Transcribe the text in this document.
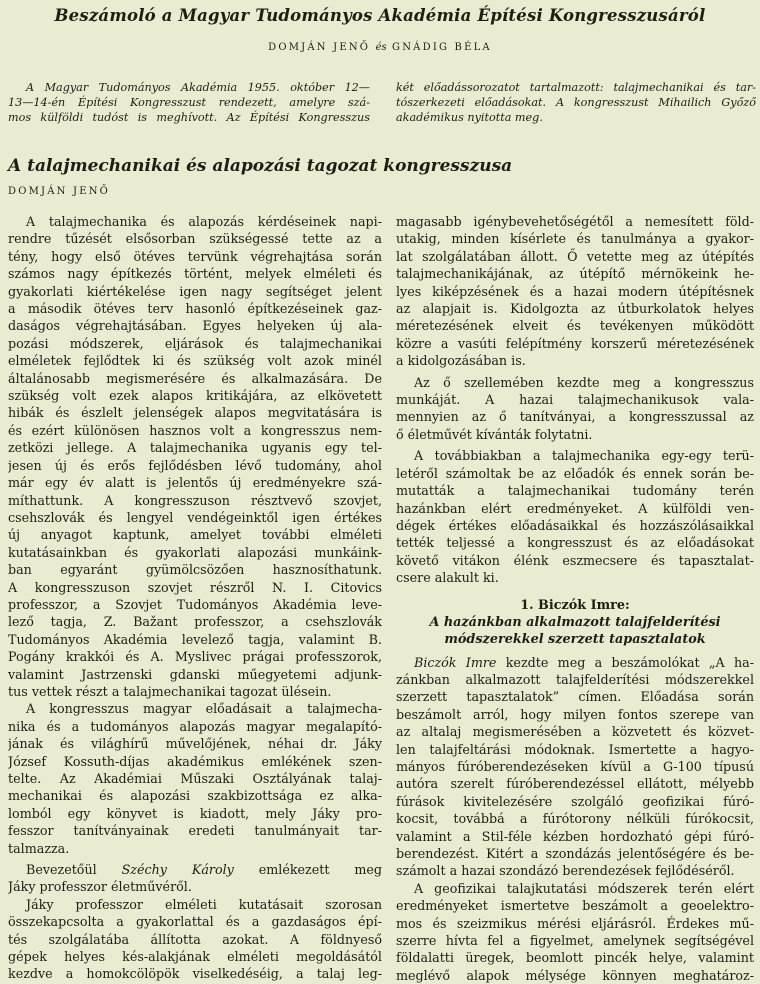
Beszámoló a Magyar Tudományos Akadémia Építési Kongresszusáról
DOMJÁN JENŐ és GNÁDIG BÉLA
A Magyar Tudományos Akadémia 1955. október 12—
13—14-én Építési Kongresszust rendezett, amelyre szá-
mos külföldi tudóst is meghívott. Az Építési Kongresszus
két előadássorozatot tartalmazott: talajmechanikai és tar-
tószerkezeti előadásokat. A kongresszust Mihailich Győző
akadémikus nyitotta meg.
A talajmechanikai és alapozási tagozat kongresszusa
DOMJÁN JENŐ
A talajmechanika és alapozás kérdéseinek napi-
rendre tűzését elsősorban szükségessé tette az a
tény, hogy első ötéves tervünk végrehajtása során
számos nagy építkezés történt, melyek elméleti és
gyakorlati kiértékelése igen nagy segítséget jelent
a második ötéves terv hasonló építkezéseinek gaz-
daságos végrehajtásában. Egyes helyeken új ala-
pozási módszerek, eljárások és talajmechanikai
elméletek fejlődtek ki és szükség volt azok minél
általánosabb megismerésére és alkalmazására. De
szükség volt ezek alapos kritikájára, az elkövetett
hibák és észlelt jelenségek alapos megvitatására is
és ezért különösen hasznos volt a kongresszus nem-
zetközi jellege. A talajmechanika ugyanis egy tel-
jesen új és erős fejlődésben lévő tudomány, ahol
már egy év alatt is jelentős új eredményekre szá-
míthattunk. A kongresszuson résztvevő szovjet,
csehszlovák és lengyel vendégeinktől igen értékes
új anyagot kaptunk, amelyet további elméleti
kutatásainkban és gyakorlati alapozási munkáink-
ban egyaránt gyümölcsözően hasznosíthatunk.
A kongresszuson szovjet részről N. I. Citovics
professzor, a Szovjet Tudományos Akadémia leve-
lező tagja, Z. Bažant professzor, a csehszlovák
Tudományos Akadémia levelező tagja, valamint B.
Pogány krakkói és A. Myslivec prágai professzorok,
valamint Jastrzenski gdanski műegyetemi adjunk-
tus vettek részt a talajmechanikai tagozat ülésein.
A kongresszus magyar előadásait a talajmecha-
nika és a tudományos alapozás magyar megalapító-
jának és világhírű művelőjének, néhai dr. Jáky
József Kossuth-díjas akadémikus emlékének szen-
telte. Az Akadémiai Műszaki Osztályának talaj-
mechanikai és alapozási szakbizottsága ez alka-
lomból egy könyvet is kiadott, mely Jáky pro-
fesszor tanítványainak eredeti tanulmányait tar-
talmazza.
Bevezetőül Széchy Károly emlékezett meg
Jáky professzor életművéről.
Jáky professzor elméleti kutatásait szorosan
összekapcsolta a gyakorlattal és a gazdaságos épí-
tés szolgálatába állította azokat. A földnyeső
gépek helyes kés-alakjának elméleti megoldásától
kezdve a homokcölöpök viselkedéséig, a talaj leg-
magasabb igénybevehetőségétől a nemesített föld-
utakig, minden kísérlete és tanulmánya a gyakor-
lat szolgálatában állott. Ő vetette meg az útépítés
talajmechanikájának, az útépítő mérnökeink he-
lyes kiképzésének és a hazai modern útépítésnek
az alapjait is. Kidolgozta az útburkolatok helyes
méretezésének elveit és tevékenyen működött
közre a vasúti felépítmény korszerű méretezésének
a kidolgozásában is.
Az ő szellemében kezdte meg a kongresszus
munkáját. A hazai talajmechanikusok vala-
mennyien az ő tanítványai, a kongresszussal az
ő életművét kívánták folytatni.
A továbbiakban a talajmechanika egy-egy terü-
letéről számoltak be az előadók és ennek során be-
mutatták a talajmechanikai tudomány terén
hazánkban elért eredményeket. A külföldi ven-
dégek értékes előadásaikkal és hozzászólásaikkal
tették teljessé a kongresszust és az előadásokat
követő vitákon élénk eszmecsere és tapasztalat-
csere alakult ki.
1. Biczók Imre:
A hazánkban alkalmazott talajfelderítési
módszerekkel szerzett tapasztalatok
Biczók Imre kezdte meg a beszámolókat „A ha-
zánkban alkalmazott talajfelderítési módszerekkel
szerzett tapasztalatok” címen. Előadása során
beszámolt arról, hogy milyen fontos szerepe van
az altalaj megismerésében a közvetett és közvet-
len talajfeltárási módoknak. Ismertette a hagyo-
mányos fúróberendezéseken kívül a G-100 típusú
autóra szerelt fúróberendezéssel ellátott, mélyebb
fúrások kivitelezésére szolgáló geofizikai fúró-
kocsit, továbbá a fúrótorony nélküli fúrókocsit,
valamint a Stil-féle kézben hordozható gépi fúró-
berendezést. Kitért a szondázás jelentőségére és be-
számolt a hazai szondázó berendezések fejlődéséről.
A geofizikai talajkutatási módszerek terén elért
eredményeket ismertetve beszámolt a geoelektro-
mos és szeizmikus mérési eljárásról. Érdekes mű-
szerre hívta fel a figyelmet, amelynek segítségével
földalatti üregek, beomlott pincék helye, valamint
meglévő alapok mélysége könnyen meghatároz-
